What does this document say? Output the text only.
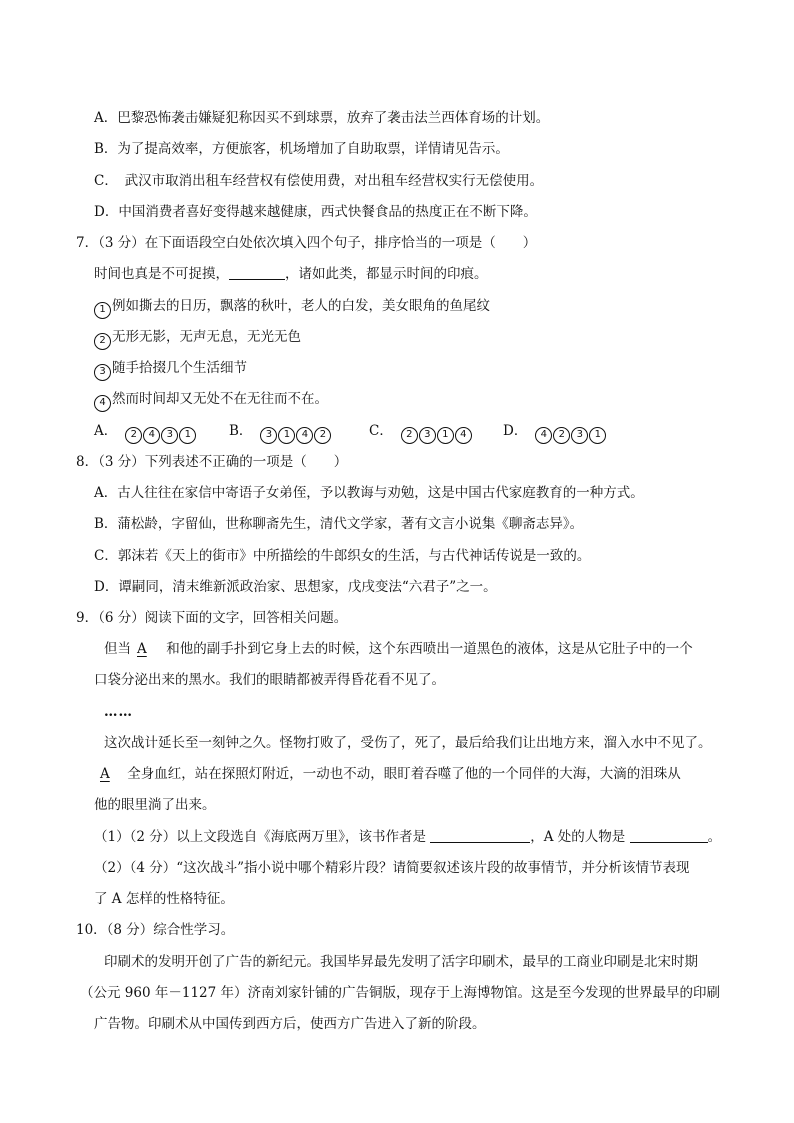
A．巴黎恐怖袭击嫌疑犯称因买不到球票，放弃了袭击法兰西体育场的计划。
B．为了提高效率，方便旅客，机场增加了自助取票，详情请见告示。
C．　武汉市取消出租车经营权有偿使用费，对出租车经营权实行无偿使用。
D．中国消费者喜好变得越来越健康，西式快餐食品的热度正在不断下降。
7．（3 分）在下面语段空白处依次填入四个句子，排序恰当的一项是（　　）
时间也真是不可捉摸，	，诸如此类，都显示时间的印痕。
1 例如撕去的日历，飘落的秋叶，老人的白发，美女眼角的鱼尾纹
2 无形无影，无声无息，无光无色
3 随手拾掇几个生活细节
4 然而时间却又无处不在无往而不在。
A． 2 4 3 1	B． 3 1 4 2	C． 2 3 1 4	D． 4 2 3 1
8．（3 分）下列表述不正确的一项是（　　）
A．古人往往在家信中寄语子女弟侄，予以教诲与劝勉，这是中国古代家庭教育的一种方式。
B．蒲松龄，字留仙，世称聊斋先生，清代文学家，著有文言小说集《聊斋志异》。
C．郭沫若《天上的街市》中所描绘的牛郎织女的生活，与古代神话传说是一致的。
D．谭嗣同，清末维新派政治家、思想家，戊戌变法“六君子”之一。
9．（6 分）阅读下面的文字，回答相关问题。
但当 A　和他的副手扑到它身上去的时候，这个东西喷出一道黑色的液体，这是从它肚子中的一个
口袋分泌出来的黑水。我们的眼睛都被弄得昏花看不见了。
……
这次战计延长至一刻钟之久。怪物打败了，受伤了，死了，最后给我们让出地方来，溜入水中不见了。
A　全身血红，站在探照灯附近，一动也不动，眼盯着吞噬了他的一个同伴的大海，大滴的泪珠从
他的眼里淌了出来。
（1）（2 分）以上文段选自《海底两万里》，该书作者是	，A 处的人物是	。
（2）（4 分）“这次战斗”指小说中哪个精彩片段？请简要叙述该片段的故事情节，并分析该情节表现
了 A 怎样的性格特征。
10．（8 分）综合性学习。
印刷术的发明开创了广告的新纪元。我国毕昇最先发明了活字印刷术，最早的工商业印刷是北宋时期
（公元 960 年－1127 年）济南刘家针铺的广告铜版，现存于上海博物馆。这是至今发现的世界最早的印刷
广告物。印刷术从中国传到西方后，使西方广告进入了新的阶段。
